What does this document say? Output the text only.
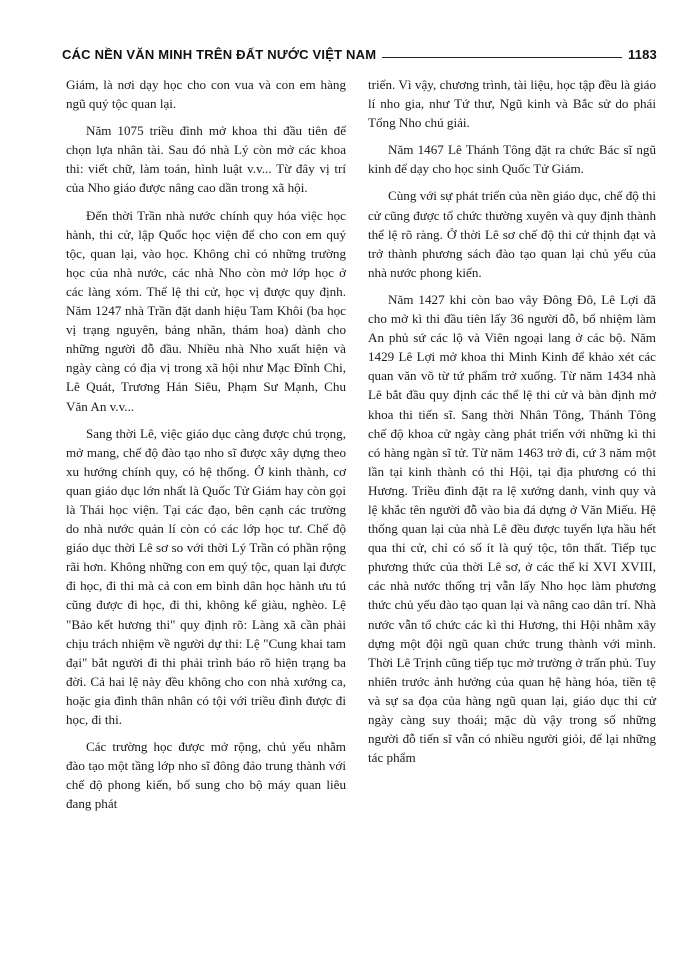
CÁC NỀN VĂN MINH TRÊN ĐẤT NƯỚC VIỆT NAM	1183

Giám, là nơi dạy học cho con vua và con em hàng ngũ quý tộc quan lại.

Năm 1075 triều đình mở khoa thi đầu tiên để chọn lựa nhân tài. Sau đó nhà Lý còn mở các khoa thi: viết chữ, làm toán, hình luật v.v... Từ đây vị trí của Nho giáo được nâng cao dần trong xã hội.

Đến thời Trần nhà nước chính quy hóa việc học hành, thi cử, lập Quốc học viện để cho con em quý tộc, quan lại, vào học. Không chỉ có những trường học của nhà nước, các nhà Nho còn mở lớp học ở các làng xóm. Thể lệ thi cử, học vị được quy định. Năm 1247 nhà Trần đặt danh hiệu Tam Khôi (ba học vị trạng nguyên, bảng nhãn, thám hoa) dành cho những người đỗ đầu. Nhiều nhà Nho xuất hiện và ngày càng có địa vị trong xã hội như Mạc Đĩnh Chi, Lê Quát, Trương Hán Siêu, Phạm Sư Mạnh, Chu Văn An v.v...

Sang thời Lê, việc giáo dục càng được chú trọng, mở mang, chế độ đào tạo nho sĩ được xây dựng theo xu hướng chính quy, có hệ thống. Ở kinh thành, cơ quan giáo dục lớn nhất là Quốc Tử Giám hay còn gọi là Thái học viện. Tại các đạo, bên cạnh các trường do nhà nước quản lí còn có các lớp học tư. Chế độ giáo dục thời Lê sơ so với thời Lý Trần có phần rộng rãi hơn. Không những con em quý tộc, quan lại được đi học, đi thi mà cả con em bình dân học hành ưu tú cũng được đi học, đi thi, không kể giàu, nghèo. Lệ "Bảo kết hương thi" quy định rõ: Làng xã cần phải chịu trách nhiệm về người dự thi: Lệ "Cung khai tam đại" bắt người đi thi phải trình báo rõ hiện trạng ba đời. Cả hai lệ này đều không cho con nhà xướng ca, hoặc gia đình thân nhân có tội với triều đình được đi học, đi thi.

Các trường học được mở rộng, chủ yếu nhằm đào tạo một tầng lớp nho sĩ đông đảo trung thành với chế độ phong kiến, bổ sung cho bộ máy quan liêu đang phát

triển. Vì vậy, chương trình, tài liệu, học tập đều là giáo lí nho gia, như Tứ thư, Ngũ kinh và Bắc sử do phái Tống Nho chú giải.

Năm 1467 Lê Thánh Tông đặt ra chức Bác sĩ ngũ kinh để dạy cho học sinh Quốc Tử Giám.

Cùng với sự phát triển của nền giáo dục, chế độ thi cử cũng được tổ chức thường xuyên và quy định thành thể lệ rõ ràng. Ở thời Lê sơ chế độ thi cử thịnh đạt và trở thành phương sách đào tạo quan lại chủ yếu của nhà nước phong kiến.

Năm 1427 khi còn bao vây Đông Đô, Lê Lợi đã cho mở kì thi đầu tiên lấy 36 người đỗ, bổ nhiệm làm An phủ sứ các lộ và Viên ngoại lang ở các bộ. Năm 1429 Lê Lợi mở khoa thi Minh Kinh để khảo xét các quan văn võ từ tứ phẩm trở xuống. Từ năm 1434 nhà Lê bắt đầu quy định các thể lệ thi cử và bàn định mở khoa thi tiến sĩ. Sang thời Nhân Tông, Thánh Tông chế độ khoa cử ngày càng phát triển với những kì thi có hàng ngàn sĩ tử. Từ năm 1463 trở đi, cứ 3 năm một lần tại kinh thành có thi Hội, tại địa phương có thi Hương. Triều đình đặt ra lệ xướng danh, vinh quy và lệ khắc tên người đỗ vào bia đá dựng ở Văn Miếu. Hệ thống quan lại của nhà Lê đều được tuyển lựa hầu hết qua thi cử, chỉ có số ít là quý tộc, tôn thất. Tiếp tục phương thức của thời Lê sơ, ở các thế kỉ XVI XVIII, các nhà nước thống trị vẫn lấy Nho học làm phương thức chủ yếu đào tạo quan lại và nâng cao dân trí. Nhà nước vẫn tổ chức các kì thi Hương, thi Hội nhằm xây dựng một đội ngũ quan chức trung thành với mình. Thời Lê Trịnh cũng tiếp tục mở trường ở trấn phủ. Tuy nhiên trước ảnh hưởng của quan hệ hàng hóa, tiền tệ và sự sa đọa của hàng ngũ quan lại, giáo dục thi cử ngày càng suy thoái; mặc dù vậy trong số những người đỗ tiến sĩ vẫn có nhiều người giỏi, để lại những tác phẩm
